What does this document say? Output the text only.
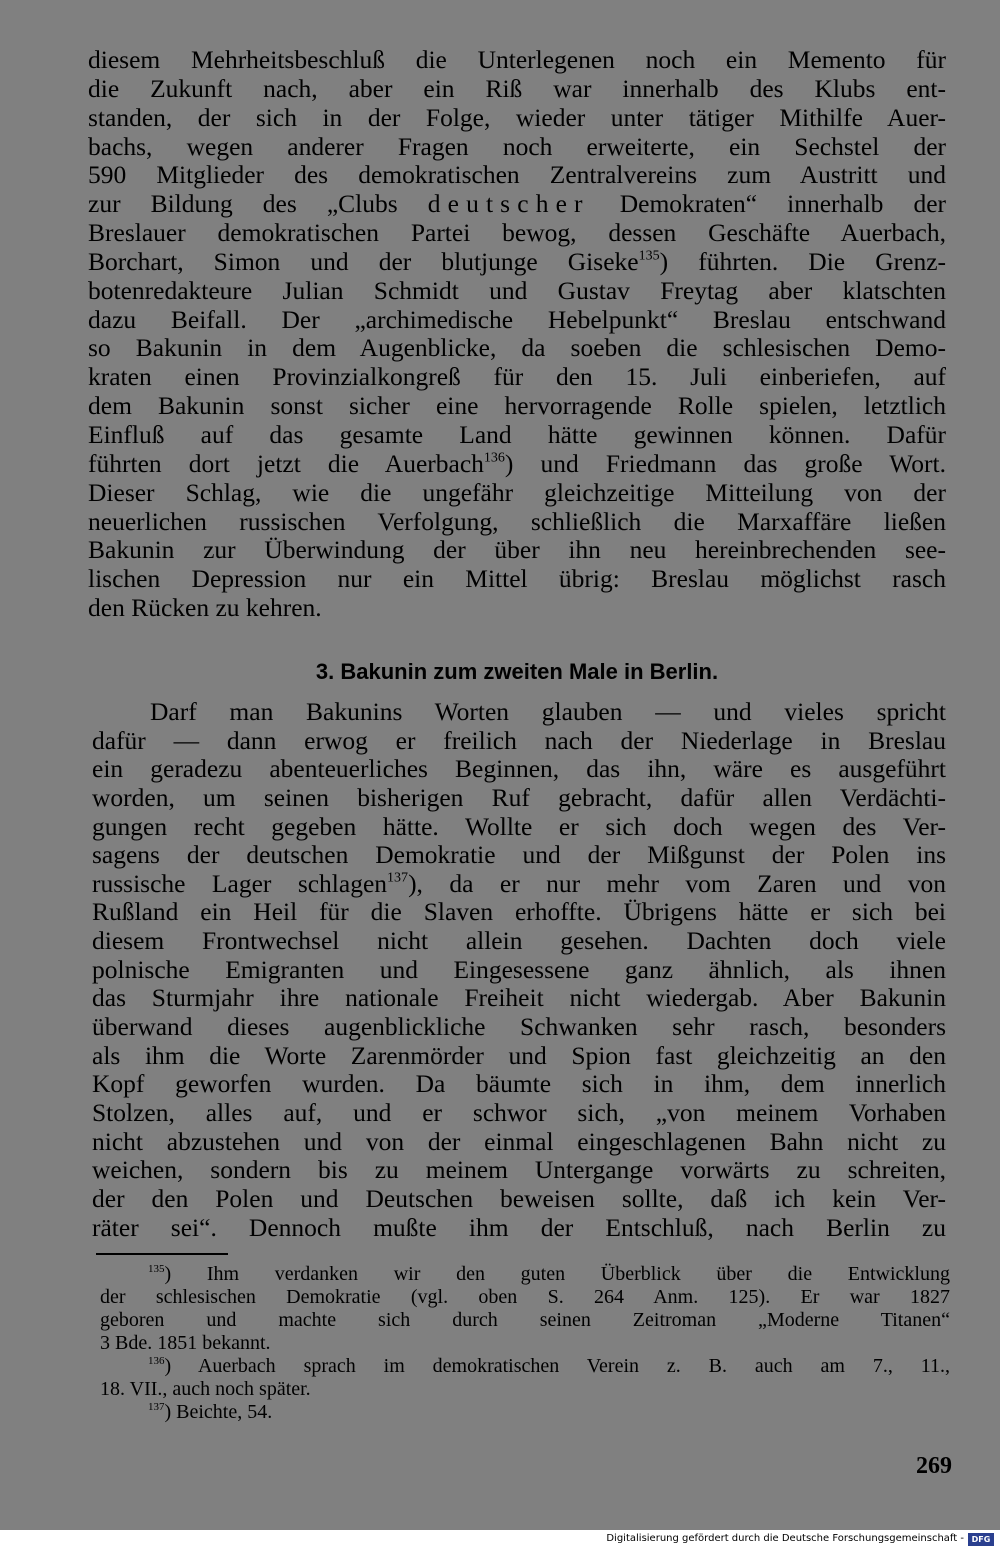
diesem Mehrheitsbeschluß die Unterlegenen noch ein Memento für
die Zukunft nach, aber ein Riß war innerhalb des Klubs ent-
standen, der sich in der Folge, wieder unter tätiger Mithilfe Auer-
bachs, wegen anderer Fragen noch erweiterte, ein Sechstel der
590 Mitglieder des demokratischen Zentralvereins zum Austritt und
zur Bildung des „Clubs deutscher Demokraten“ innerhalb der
Breslauer demokratischen Partei bewog, dessen Geschäfte Auerbach,
Borchart, Simon und der blutjunge Giseke$^{135}$) führten. Die Grenz-
botenredakteure Julian Schmidt und Gustav Freytag aber klatschten
dazu Beifall. Der „archimedische Hebelpunkt“ Breslau entschwand
so Bakunin in dem Augenblicke, da soeben die schlesischen Demo-
kraten einen Provinzialkongreß für den 15. Juli einberiefen, auf
dem Bakunin sonst sicher eine hervorragende Rolle spielen, letztlich
Einfluß auf das gesamte Land hätte gewinnen können. Dafür
führten dort jetzt die Auerbach$^{136}$) und Friedmann das große Wort.
Dieser Schlag, wie die ungefähr gleichzeitige Mitteilung von der
neuerlichen russischen Verfolgung, schließlich die Marxaffäre ließen
Bakunin zur Überwindung der über ihn neu hereinbrechenden see-
lischen Depression nur ein Mittel übrig: Breslau möglichst rasch
den Rücken zu kehren.
3. Bakunin zum zweiten Male in Berlin.
Darf man Bakunins Worten glauben — und vieles spricht
dafür — dann erwog er freilich nach der Niederlage in Breslau
ein geradezu abenteuerliches Beginnen, das ihn, wäre es ausgeführt
worden, um seinen bisherigen Ruf gebracht, dafür allen Verdächti-
gungen recht gegeben hätte. Wollte er sich doch wegen des Ver-
sagens der deutschen Demokratie und der Mißgunst der Polen ins
russische Lager schlagen$^{137}$), da er nur mehr vom Zaren und von
Rußland ein Heil für die Slaven erhoffte. Übrigens hätte er sich bei
diesem Frontwechsel nicht allein gesehen. Dachten doch viele
polnische Emigranten und Eingesessene ganz ähnlich, als ihnen
das Sturmjahr ihre nationale Freiheit nicht wiedergab. Aber Bakunin
überwand dieses augenblickliche Schwanken sehr rasch, besonders
als ihm die Worte Zarenmörder und Spion fast gleichzeitig an den
Kopf geworfen wurden. Da bäumte sich in ihm, dem innerlich
Stolzen, alles auf, und er schwor sich, „von meinem Vorhaben
nicht abzustehen und von der einmal eingeschlagenen Bahn nicht zu
weichen, sondern bis zu meinem Untergange vorwärts zu schreiten,
der den Polen und Deutschen beweisen sollte, daß ich kein Ver-
räter sei“. Dennoch mußte ihm der Entschluß, nach Berlin zu
$^{135}$) Ihm verdanken wir den guten Überblick über die Entwicklung
der schlesischen Demokratie (vgl. oben S. 264 Anm. 125). Er war 1827
geboren und machte sich durch seinen Zeitroman „Moderne Titanen“
3 Bde. 1851 bekannt.
$^{136}$) Auerbach sprach im demokratischen Verein z. B. auch am 7., 11.,
18. VII., auch noch später.
$^{137}$) Beichte, 54.
269
Digitalisierung gefördert durch die Deutsche Forschungsgemeinschaft - DFG
